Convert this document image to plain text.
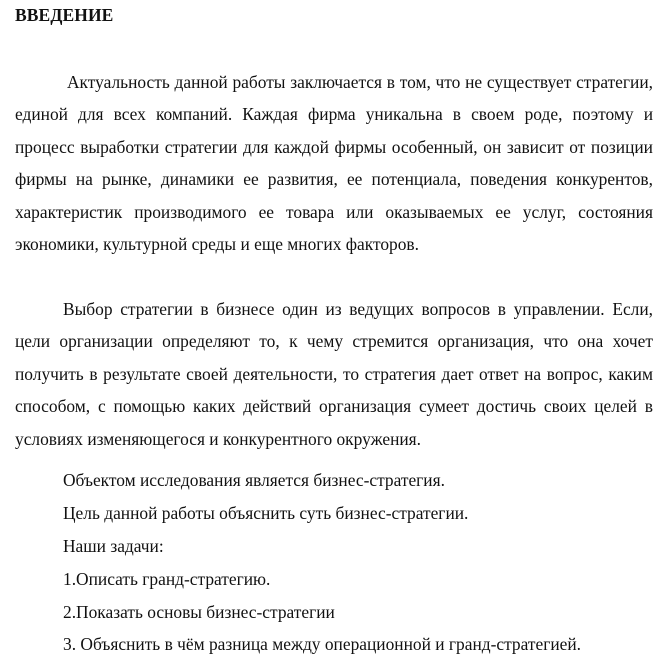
ВВЕДЕНИЕ

Актуальность данной работы заключается в том, что не существует стратегии, единой для всех компаний. Каждая фирма уникальна в своем роде, поэтому и процесс выработки стратегии для каждой фирмы особенный, он зависит от позиции фирмы на рынке, динамики ее развития, ее потенциала, поведения конкурентов, характеристик производимого ее товара или оказываемых ее услуг, состояния экономики, культурной среды и еще многих факторов.

Выбор стратегии в бизнесе один из ведущих вопросов в управлении. Если, цели организации определяют то, к чему стремится организация, что она хочет получить в результате своей деятельности, то стратегия дает ответ на вопрос, каким способом, с помощью каких действий организация сумеет достичь своих целей в условиях изменяющегося и конкурентного окружения.

Объектом исследования является бизнес-стратегия.

Цель данной работы объяснить суть бизнес-стратегии.

Наши задачи:

1.Описать гранд-стратегию.

2.Показать основы бизнес-стратегии

3. Объяснить в чём разница между операционной и гранд-стратегией.
